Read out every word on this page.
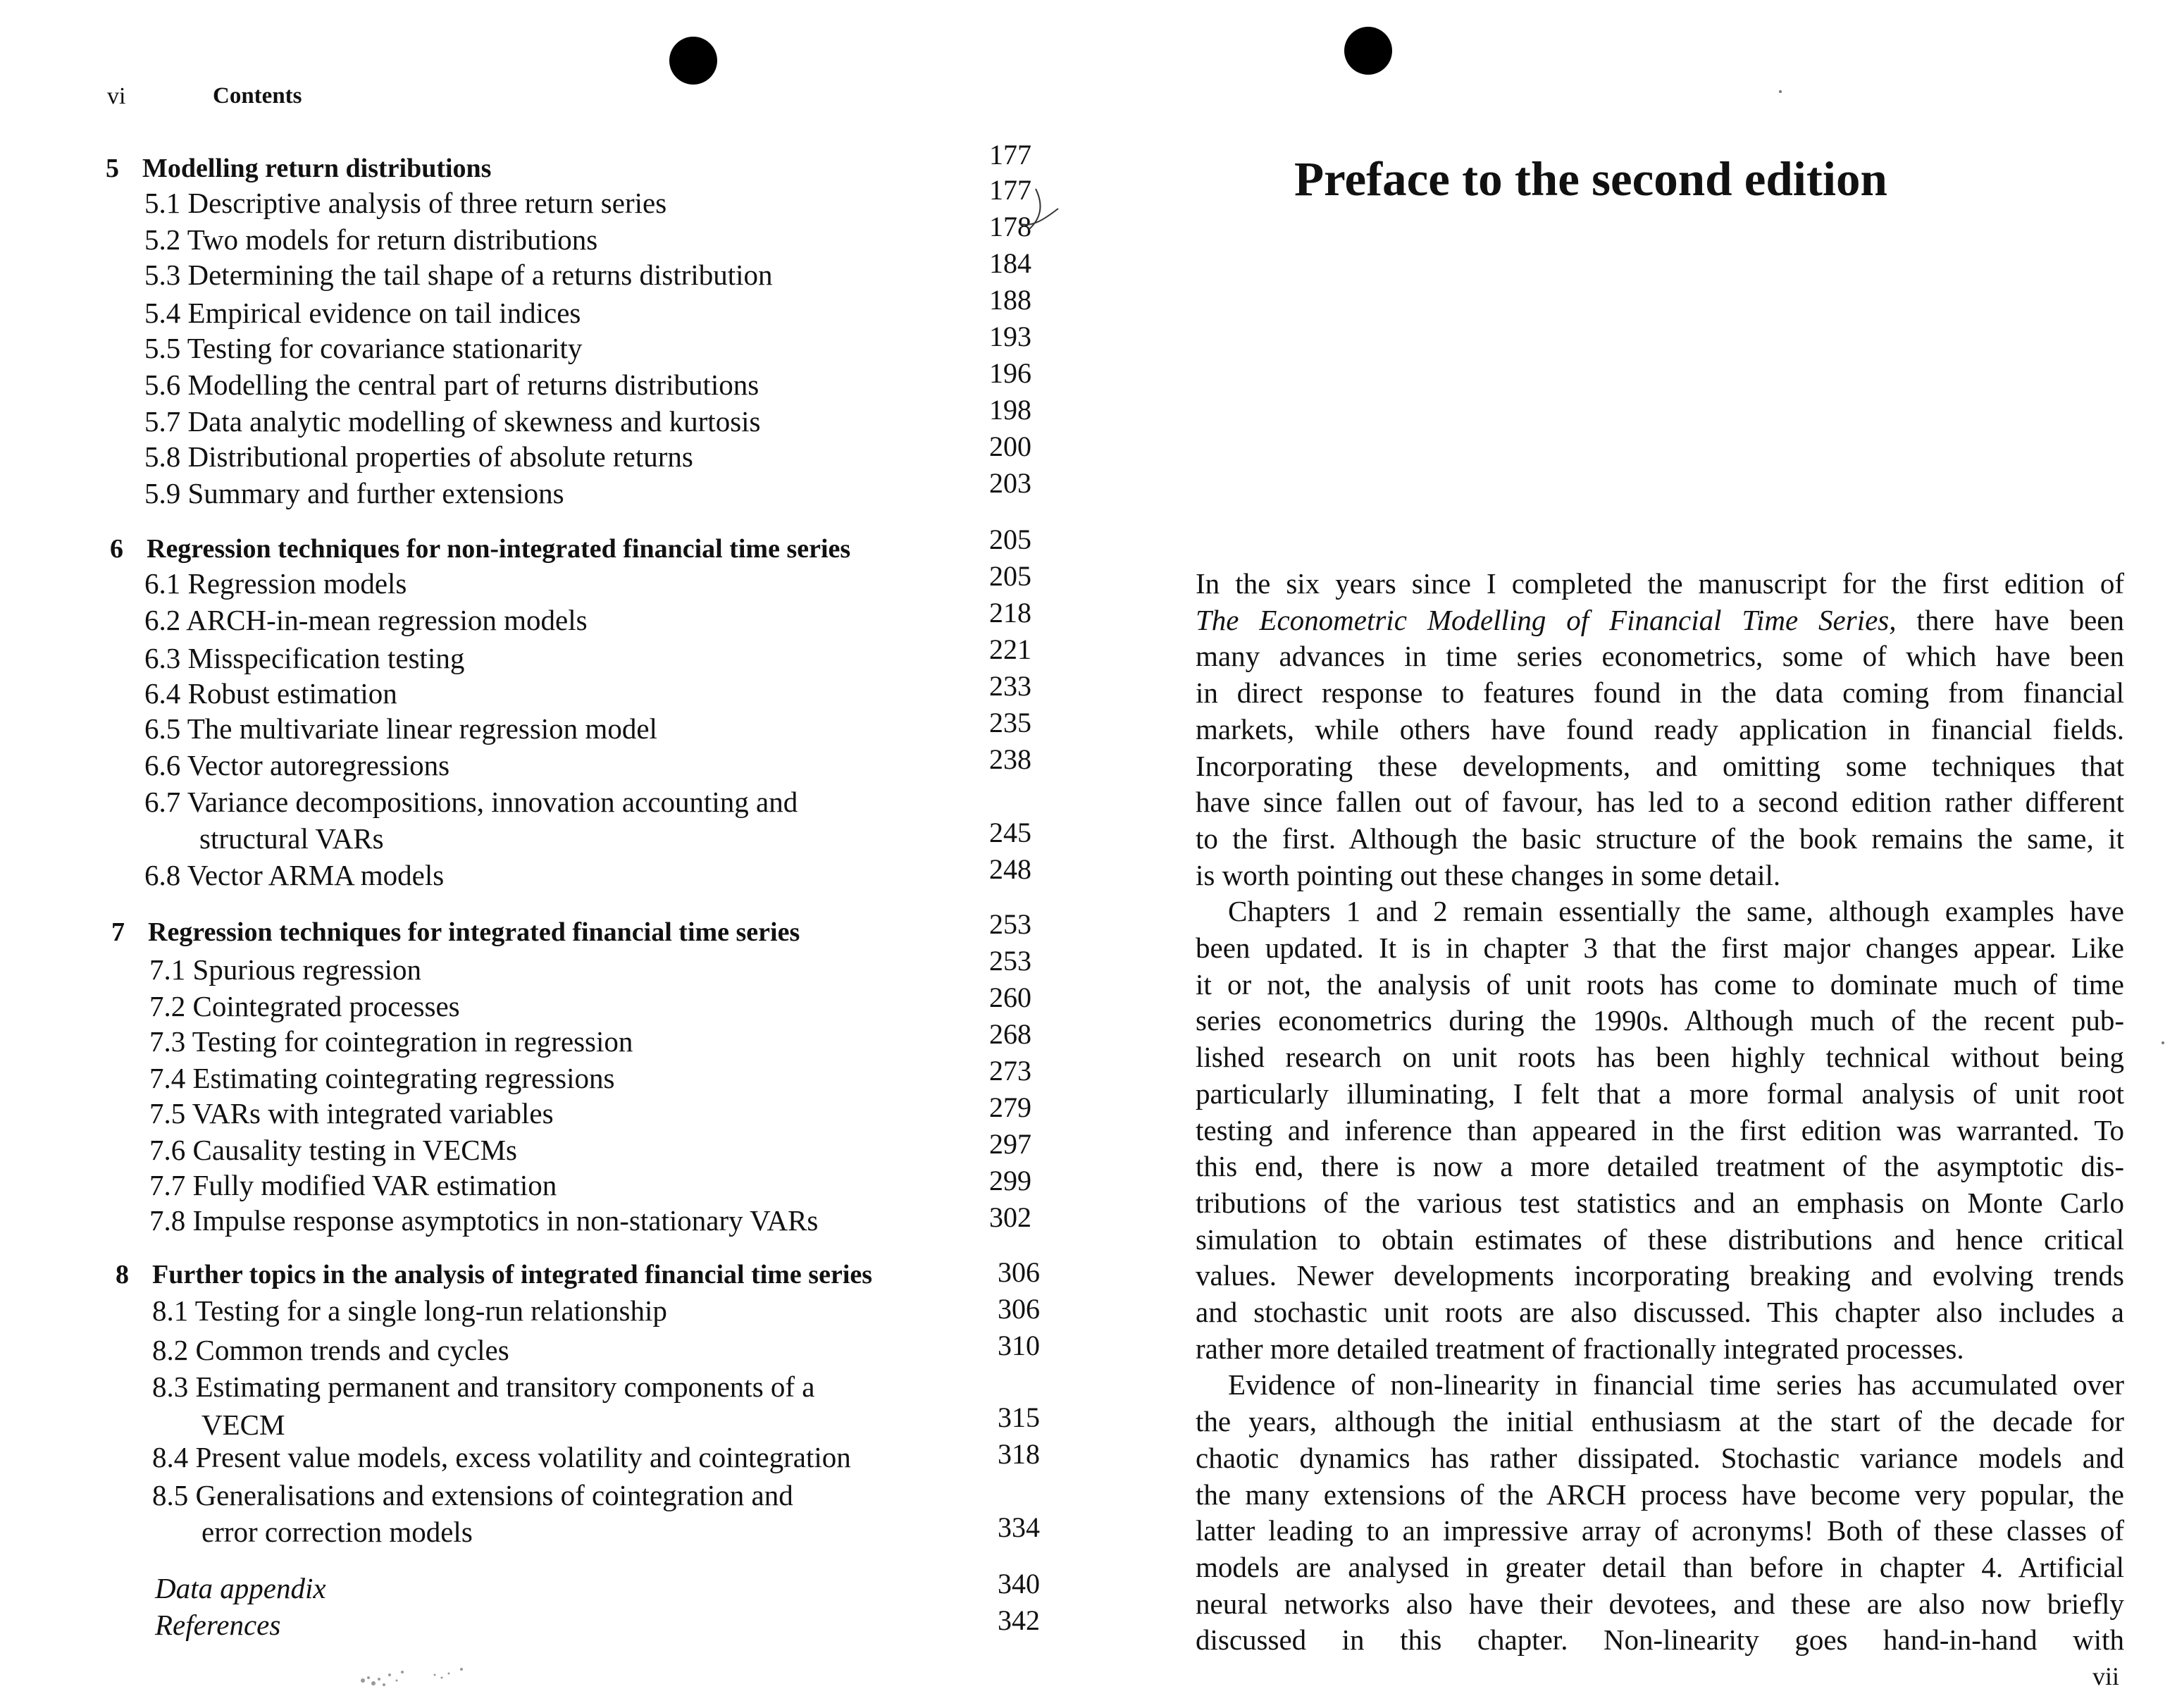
vi	Contents
5 Modelling return distributions	177
5.1 Descriptive analysis of three return series	177
5.2 Two models for return distributions	178
5.3 Determining the tail shape of a returns distribution	184
5.4 Empirical evidence on tail indices	188
5.5 Testing for covariance stationarity	193
5.6 Modelling the central part of returns distributions	196
5.7 Data analytic modelling of skewness and kurtosis	198
5.8 Distributional properties of absolute returns	200
5.9 Summary and further extensions	203
6 Regression techniques for non-integrated financial time series	205
6.1 Regression models	205
6.2 ARCH-in-mean regression models	218
6.3 Misspecification testing	221
6.4 Robust estimation	233
6.5 The multivariate linear regression model	235
6.6 Vector autoregressions	238
6.7 Variance decompositions, innovation accounting and
structural VARs	245
6.8 Vector ARMA models	248
7 Regression techniques for integrated financial time series	253
7.1 Spurious regression	253
7.2 Cointegrated processes	260
7.3 Testing for cointegration in regression	268
7.4 Estimating cointegrating regressions	273
7.5 VARs with integrated variables	279
7.6 Causality testing in VECMs	297
7.7 Fully modified VAR estimation	299
7.8 Impulse response asymptotics in non-stationary VARs	302
8 Further topics in the analysis of integrated financial time series	306
8.1 Testing for a single long-run relationship	306
8.2 Common trends and cycles	310
8.3 Estimating permanent and transitory components of a
VECM	315
8.4 Present value models, excess volatility and cointegration	318
8.5 Generalisations and extensions of cointegration and
error correction models	334
Data appendix	340
References	342
Preface to the second edition
In the six years since I completed the manuscript for the first edition of
The Econometric Modelling of Financial Time Series, there have been
many advances in time series econometrics, some of which have been
in direct response to features found in the data coming from financial
markets, while others have found ready application in financial fields.
Incorporating these developments, and omitting some techniques that
have since fallen out of favour, has led to a second edition rather different
to the first. Although the basic structure of the book remains the same, it
is worth pointing out these changes in some detail.
Chapters 1 and 2 remain essentially the same, although examples have
been updated. It is in chapter 3 that the first major changes appear. Like
it or not, the analysis of unit roots has come to dominate much of time
series econometrics during the 1990s. Although much of the recent pub-
lished research on unit roots has been highly technical without being
particularly illuminating, I felt that a more formal analysis of unit root
testing and inference than appeared in the first edition was warranted. To
this end, there is now a more detailed treatment of the asymptotic dis-
tributions of the various test statistics and an emphasis on Monte Carlo
simulation to obtain estimates of these distributions and hence critical
values. Newer developments incorporating breaking and evolving trends
and stochastic unit roots are also discussed. This chapter also includes a
rather more detailed treatment of fractionally integrated processes.
Evidence of non-linearity in financial time series has accumulated over
the years, although the initial enthusiasm at the start of the decade for
chaotic dynamics has rather dissipated. Stochastic variance models and
the many extensions of the ARCH process have become very popular, the
latter leading to an impressive array of acronyms! Both of these classes of
models are analysed in greater detail than before in chapter 4. Artificial
neural networks also have their devotees, and these are also now briefly
discussed in this chapter. Non-linearity goes hand-in-hand with
vii
